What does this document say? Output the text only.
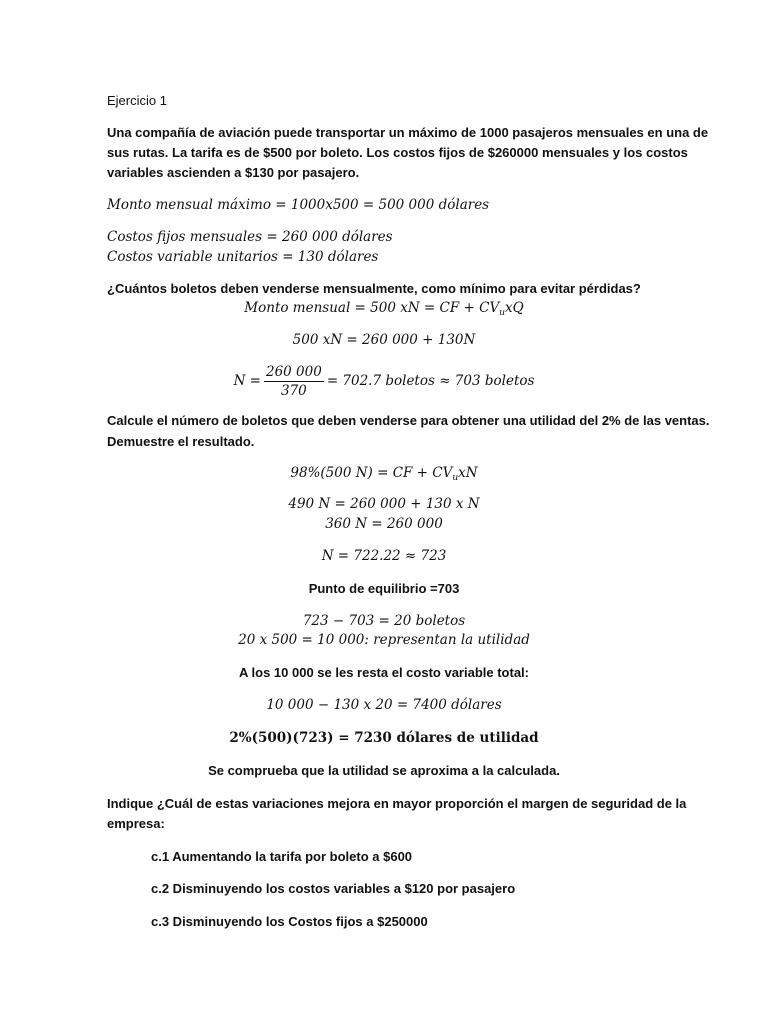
Ejercicio 1
Una compañía de aviación puede transportar un máximo de 1000 pasajeros mensuales en una de
sus rutas. La tarifa es de $500 por boleto. Los costos fijos de $260000 mensuales y los costos
variables ascienden a $130 por pasajero.
Monto mensual máximo = 1000x500 = 500 000 dólares
Costos fijos mensuales = 260 000 dólares
Costos variable unitarios = 130 dólares
¿Cuántos boletos deben venderse mensualmente, como mínimo para evitar pérdidas?
Monto mensual = 500 xN = CF + $CV_uxQ$
500 xN = 260 000 + 130N
$N = \frac{260 000}{370} = 702.7$ boletos ≈ 703 boletos
Calcule el número de boletos que deben venderse para obtener una utilidad del 2% de las ventas.
Demuestre el resultado.
98%(500 N) = CF + $CV_uxN$
490 N = 260 000 + 130 x N
360 N = 260 000
N = 722.22 ≈ 723
Punto de equilibrio =703
723 − 703 = 20 boletos
20 x 500 = 10 000: representan la utilidad
A los 10 000 se les resta el costo variable total:
10 000 − 130 x 20 = 7400 dólares
2%(500)(723) = 7230 dólares de utilidad
Se comprueba que la utilidad se aproxima a la calculada.
Indique ¿Cuál de estas variaciones mejora en mayor proporción el margen de seguridad de la
empresa:
c.1 Aumentando la tarifa por boleto a $600
c.2 Disminuyendo los costos variables a $120 por pasajero
c.3 Disminuyendo los Costos fijos a $250000
